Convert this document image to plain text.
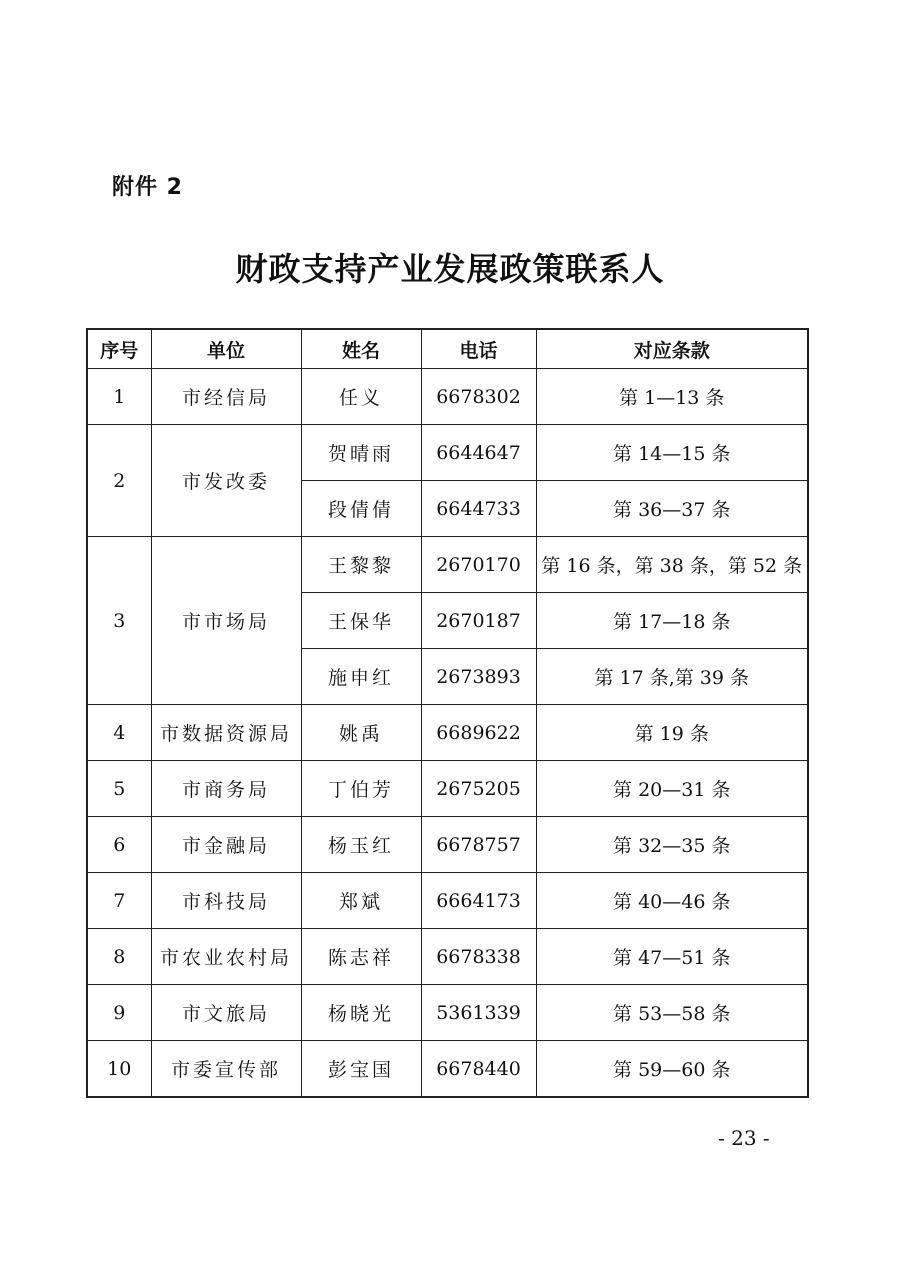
附件 2
财政支持产业发展政策联系人
序号	单位	姓名	电话	对应条款
1	市经信局	任义	6678302	第 1—13 条
2	市发改委	贺晴雨	6644647	第 14—15 条
		段倩倩	6644733	第 36—37 条
3	市市场局	王黎黎	2670170	第 16 条，第 38 条，第 52 条
		王保华	2670187	第 17—18 条
		施申红	2673893	第 17 条,第 39 条
4	市数据资源局	姚禹	6689622	第 19 条
5	市商务局	丁伯芳	2675205	第 20—31 条
6	市金融局	杨玉红	6678757	第 32—35 条
7	市科技局	郑斌	6664173	第 40—46 条
8	市农业农村局	陈志祥	6678338	第 47—51 条
9	市文旅局	杨晓光	5361339	第 53—58 条
10	市委宣传部	彭宝国	6678440	第 59—60 条
- 23 -
